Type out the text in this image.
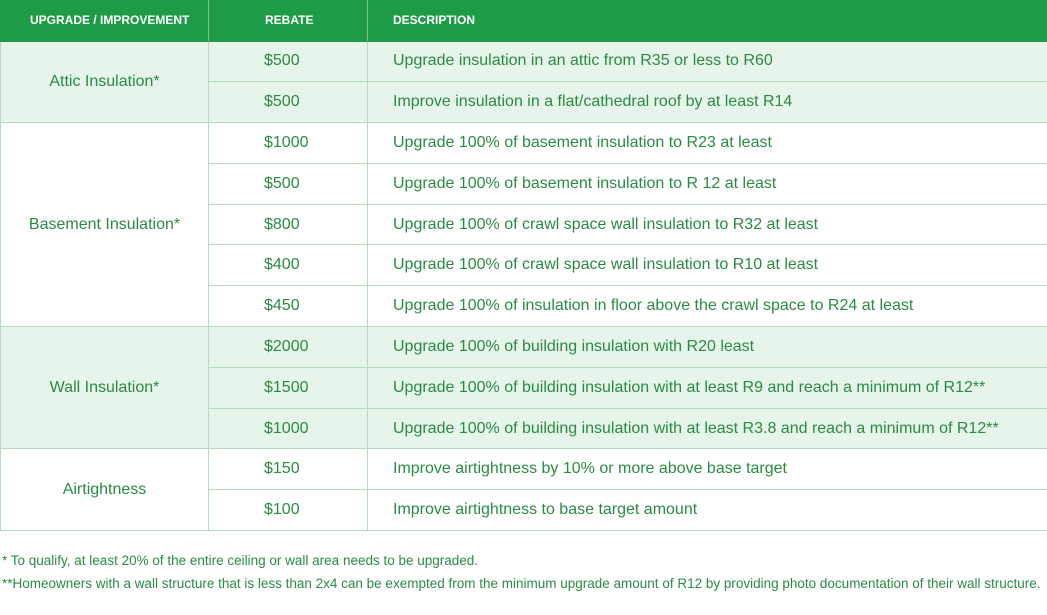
UPGRADE / IMPROVEMENT	REBATE	DESCRIPTION
Attic Insulation*	$500	Upgrade insulation in an attic from R35 or less to R60
	$500	Improve insulation in a flat/cathedral roof by at least R14
Basement Insulation*	$1000	Upgrade 100% of basement insulation to R23 at least
	$500	Upgrade 100% of basement insulation to R 12 at least
	$800	Upgrade 100% of crawl space wall insulation to R32 at least
	$400	Upgrade 100% of crawl space wall insulation to R10 at least
	$450	Upgrade 100% of insulation in floor above the crawl space to R24 at least
Wall Insulation*	$2000	Upgrade 100% of building insulation with R20 least
	$1500	Upgrade 100% of building insulation with at least R9 and reach a minimum of R12**
	$1000	Upgrade 100% of building insulation with at least R3.8 and reach a minimum of R12**
Airtightness	$150	Improve airtightness by 10% or more above base target
	$100	Improve airtightness to base target amount
* To qualify, at least 20% of the entire ceiling or wall area needs to be upgraded.
**Homeowners with a wall structure that is less than 2x4 can be exempted from the minimum upgrade amount of R12 by providing photo documentation of their wall structure.
